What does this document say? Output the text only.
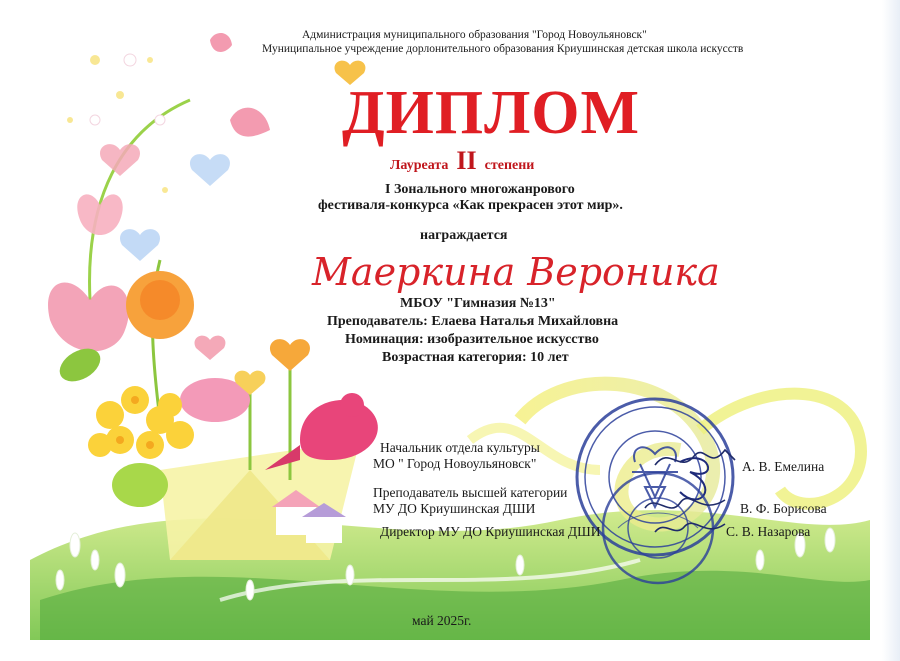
Администрация муниципального образования "Город Новоульяновск"
Муниципальное учреждение дорлонительного образования Криушинская детская школа искусств
ДИПЛОМ
Лауреата II степени
I Зонального многожанрового
фестиваля-конкурса «Как прекрасен этот мир».
награждается
Маеркина Вероника
МБОУ "Гимназия №13"
Преподаватель: Елаева Наталья Михайловна
Номинация: изобразительное искусство
Возрастная категория: 10 лет
Начальник отдела культуры
МО " Город Новоульяновск"	А. В. Емелина
Преподаватель высшей категории
МУ ДО Криушинская ДШИ	В. Ф. Борисова
Директор МУ ДО Криушинская ДШИ	С. В. Назарова
май 2025г.
